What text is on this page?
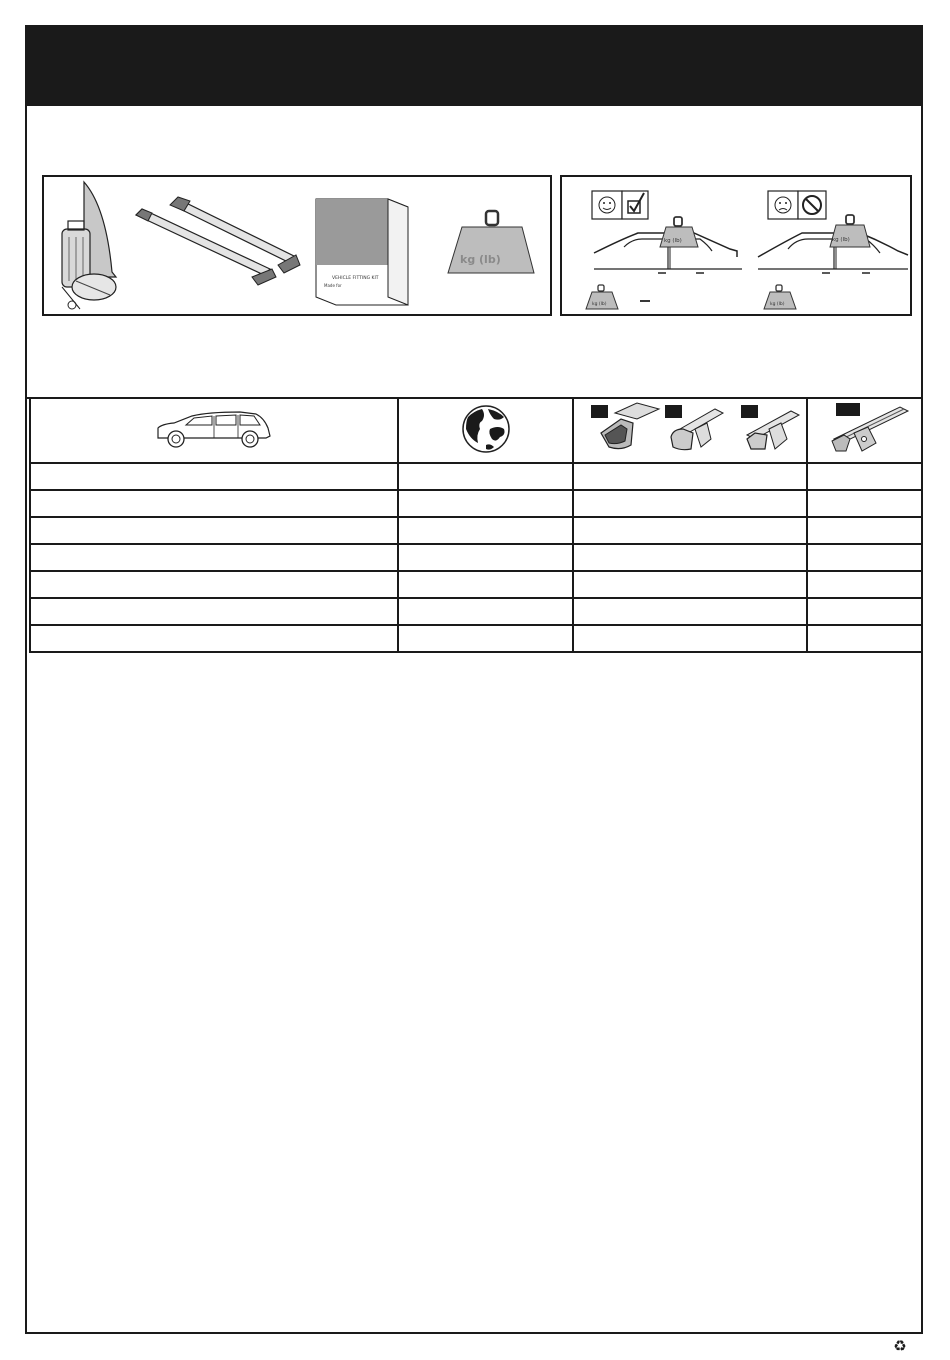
VEHICLE FITTING KIT
Made for
kg (lb)
kg (lb)
kg (lb)
kg (lb)
kg (lb)

♻
